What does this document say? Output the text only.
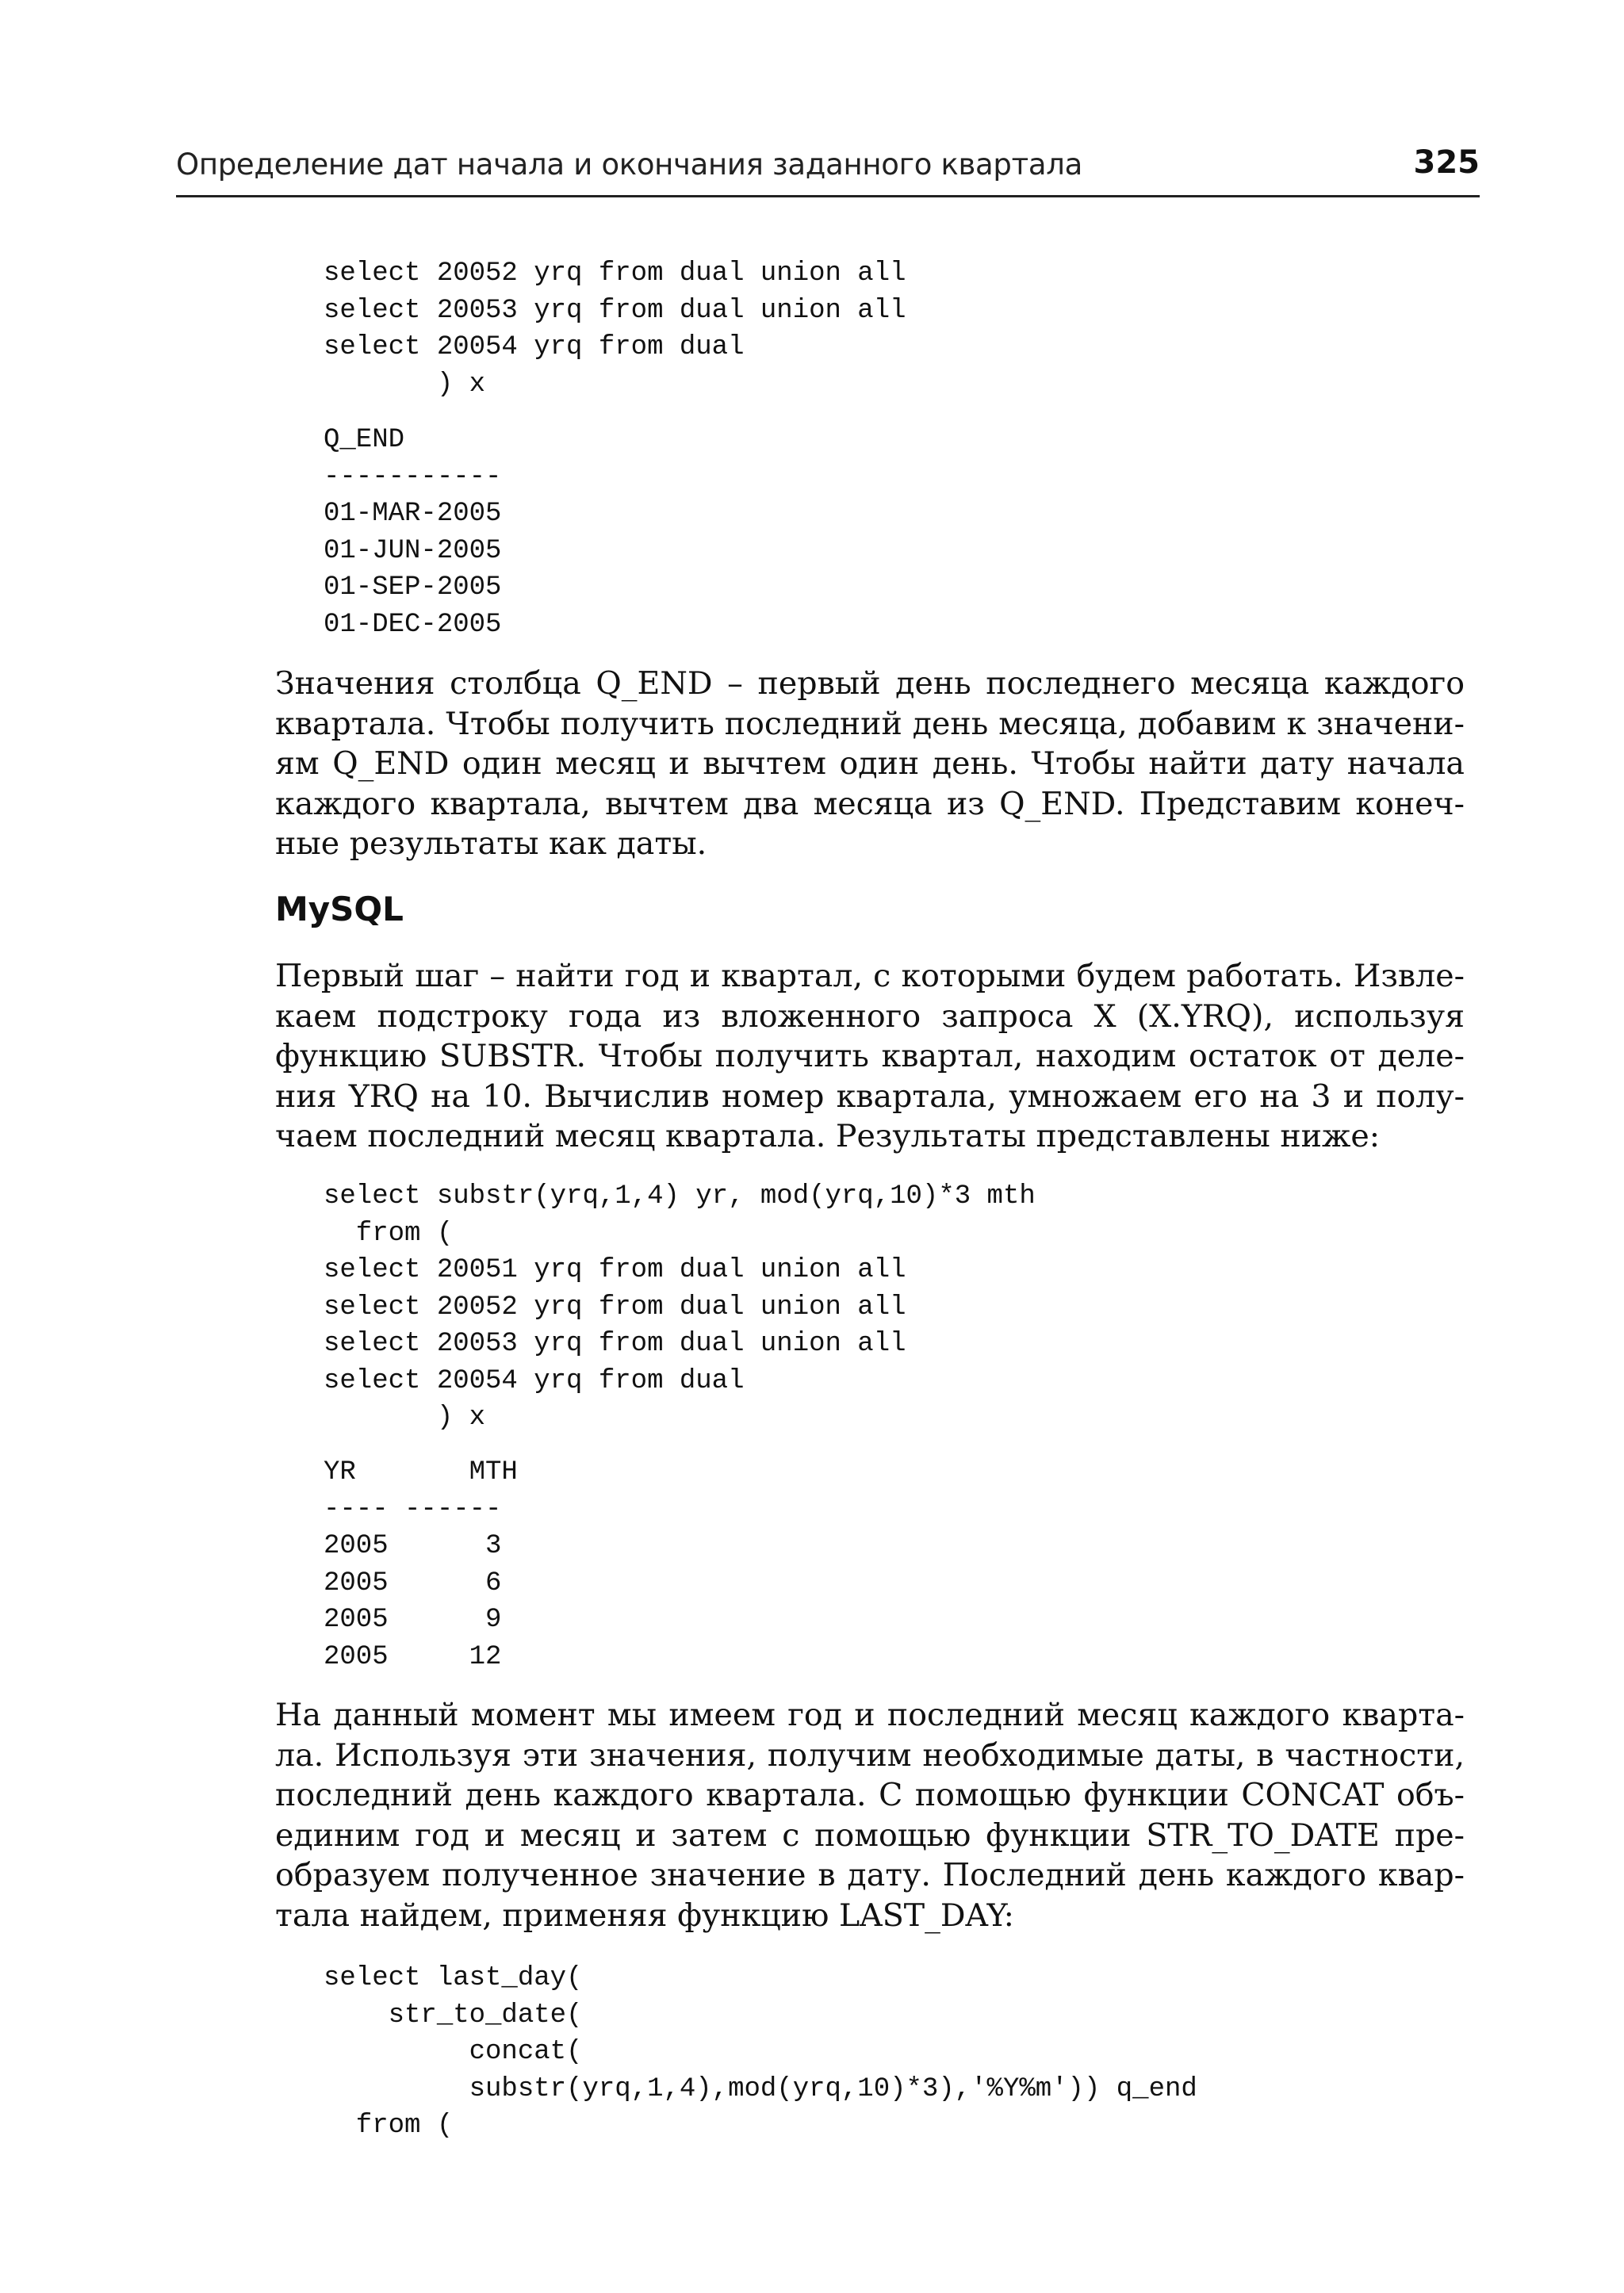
Определение дат начала и окончания заданного квартала	325
select 20052 yrq from dual union all
select 20053 yrq from dual union all
select 20054 yrq from dual
) x
Q_END
-----------
01-MAR-2005
01-JUN-2005
01-SEP-2005
01-DEC-2005

Значения столбца Q_END – первый день последнего месяца каждого квартала. Чтобы получить последний день месяца, добавим к значениям Q_END один месяц и вычтем один день. Чтобы найти дату начала каждого квартала, вычтем два месяца из Q_END. Представим конечные результаты как даты.

MySQL

Первый шаг – найти год и квартал, с которыми будем работать. Извлекаем подстроку года из вложенного запроса X (X.YRQ), используя функцию SUBSTR. Чтобы получить квартал, находим остаток от деления YRQ на 10. Вычислив номер квартала, умножаем его на 3 и получаем последний месяц квартала. Результаты представлены ниже:

select substr(yrq,1,4) yr, mod(yrq,10)*3 mth
from (
select 20051 yrq from dual union all
select 20052 yrq from dual union all
select 20053 yrq from dual union all
select 20054 yrq from dual
) x
YR       MTH
---- ------
2005      3
2005      6
2005      9
2005     12

На данный момент мы имеем год и последний месяц каждого квартала. Используя эти значения, получим необходимые даты, в частности, последний день каждого квартала. С помощью функции CONCAT объединим год и месяц и затем с помощью функции STR_TO_DATE преобразуем полученное значение в дату. Последний день каждого квартала найдем, применяя функцию LAST_DAY:

select last_day(
str_to_date(
concat(
substr(yrq,1,4),mod(yrq,10)*3),'%Y%m')) q_end
from (
